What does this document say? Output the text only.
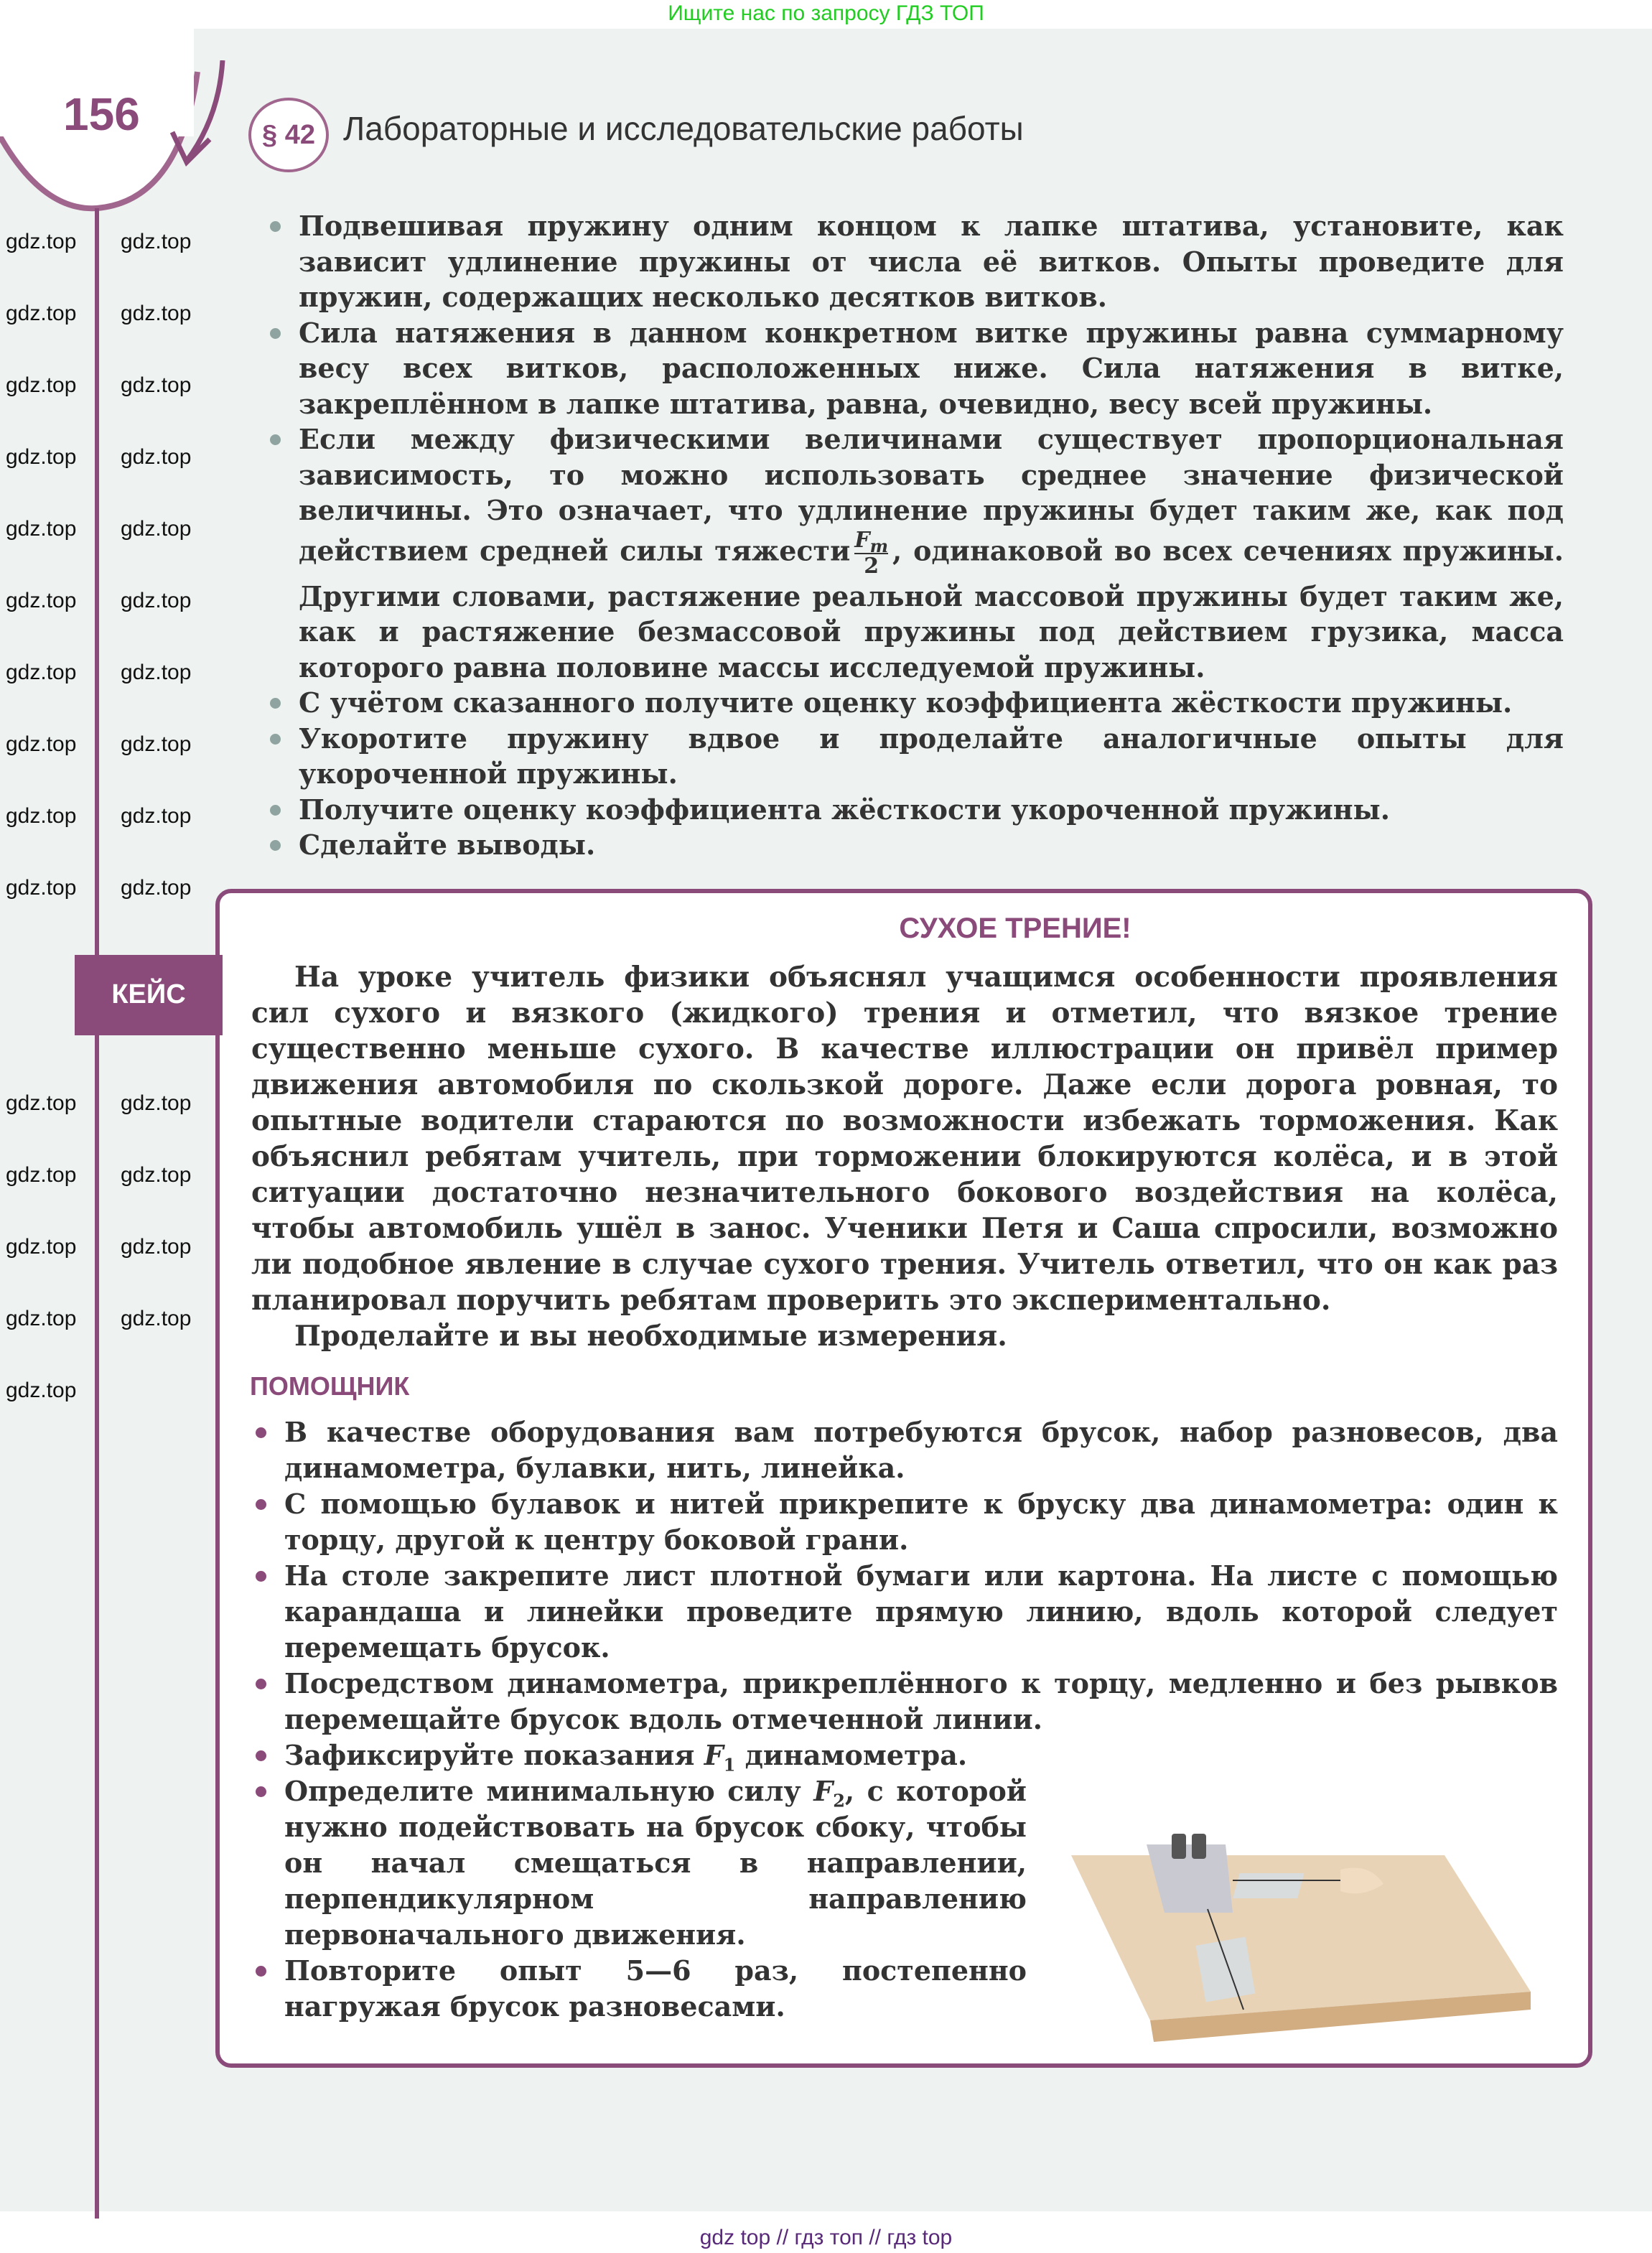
Ищите нас по запросу ГДЗ ТОП
156	§ 42 Лабораторные и исследовательские работы
Подвешивая пружину одним концом к лапке штатива, установите, как зависит удлинение пружины от числа её витков. Опыты проведите для пружин, содержащих несколько десятков витков.
Сила натяжения в данном конкретном витке пружины равна суммарному весу всех витков, расположенных ниже. Сила натяжения в витке, закреплённом в лапке штатива, равна, очевидно, весу всей пружины.
Если между физическими величинами существует пропорциональная зависимость, то можно использовать среднее значение физической величины. Это означает, что удлинение пружины будет таким же, как под действием средней силы тяжести $\frac{F_т}{2}$ , одинаковой во всех сечениях пружины. Другими словами, растяжение реальной массовой пружины будет таким же, как и растяжение безмассовой пружины под действием грузика, масса которого равна половине массы исследуемой пружины.
С учётом сказанного получите оценку коэффициента жёсткости пружины.
Укоротите пружину вдвое и проделайте аналогичные опыты для укороченной пружины.
Получите оценку коэффициента жёсткости укороченной пружины.
Сделайте выводы.
КЕЙС
СУХОЕ ТРЕНИЕ!

На уроке учитель физики объяснял учащимся особенности проявления сил сухого и вязкого (жидкого) трения и отметил, что вязкое трение существенно меньше сухого. В качестве иллюстрации он привёл пример движения автомобиля по скользкой дороге. Даже если дорога ровная, то опытные водители стараются по возможности избежать торможения. Как объяснил ребятам учитель, при торможении блокируются колёса, и в этой ситуации достаточно незначительного бокового воздействия на колёса, чтобы автомобиль ушёл в занос. Ученики Петя и Саша спросили, возможно ли подобное явление в случае сухого трения. Учитель ответил, что он как раз планировал поручить ребятам проверить это экспериментально.

Проделайте и вы необходимые измерения.

ПОМОЩНИК
В качестве оборудования вам потребуются брусок, набор разновесов, два динамометра, булавки, нить, линейка.
С помощью булавок и нитей прикрепите к бруску два динамометра: один к торцу, другой к центру боковой грани.
На столе закрепите лист плотной бумаги или картона. На листе с помощью карандаша и линейки проведите прямую линию, вдоль которой следует перемещать брусок.
Посредством динамометра, прикреплённого к торцу, медленно и без рывков перемещайте брусок вдоль отмеченной линии.
Зафиксируйте показания $F_1$ динамометра.
Определите минимальную силу $F_2$, с которой нужно подействовать на брусок сбоку, чтобы он начал смещаться в направлении, перпендикулярном направлению первоначального движения.
Повторите опыт 5—6 раз, постепенно нагружая брусок разновесами.
gdz.top gdz.top
gdz.top gdz.top
gdz.top gdz.top
gdz.top gdz.top
gdz.top gdz.top
gdz.top gdz.top
gdz.top gdz.top
gdz.top gdz.top
gdz.top gdz.top
gdz.top gdz.top
gdz.top gdz.top
gdz.top gdz.top
gdz.top gdz.top
gdz.top gdz.top
gdz.top
gdz top // гдз топ // гдз top
